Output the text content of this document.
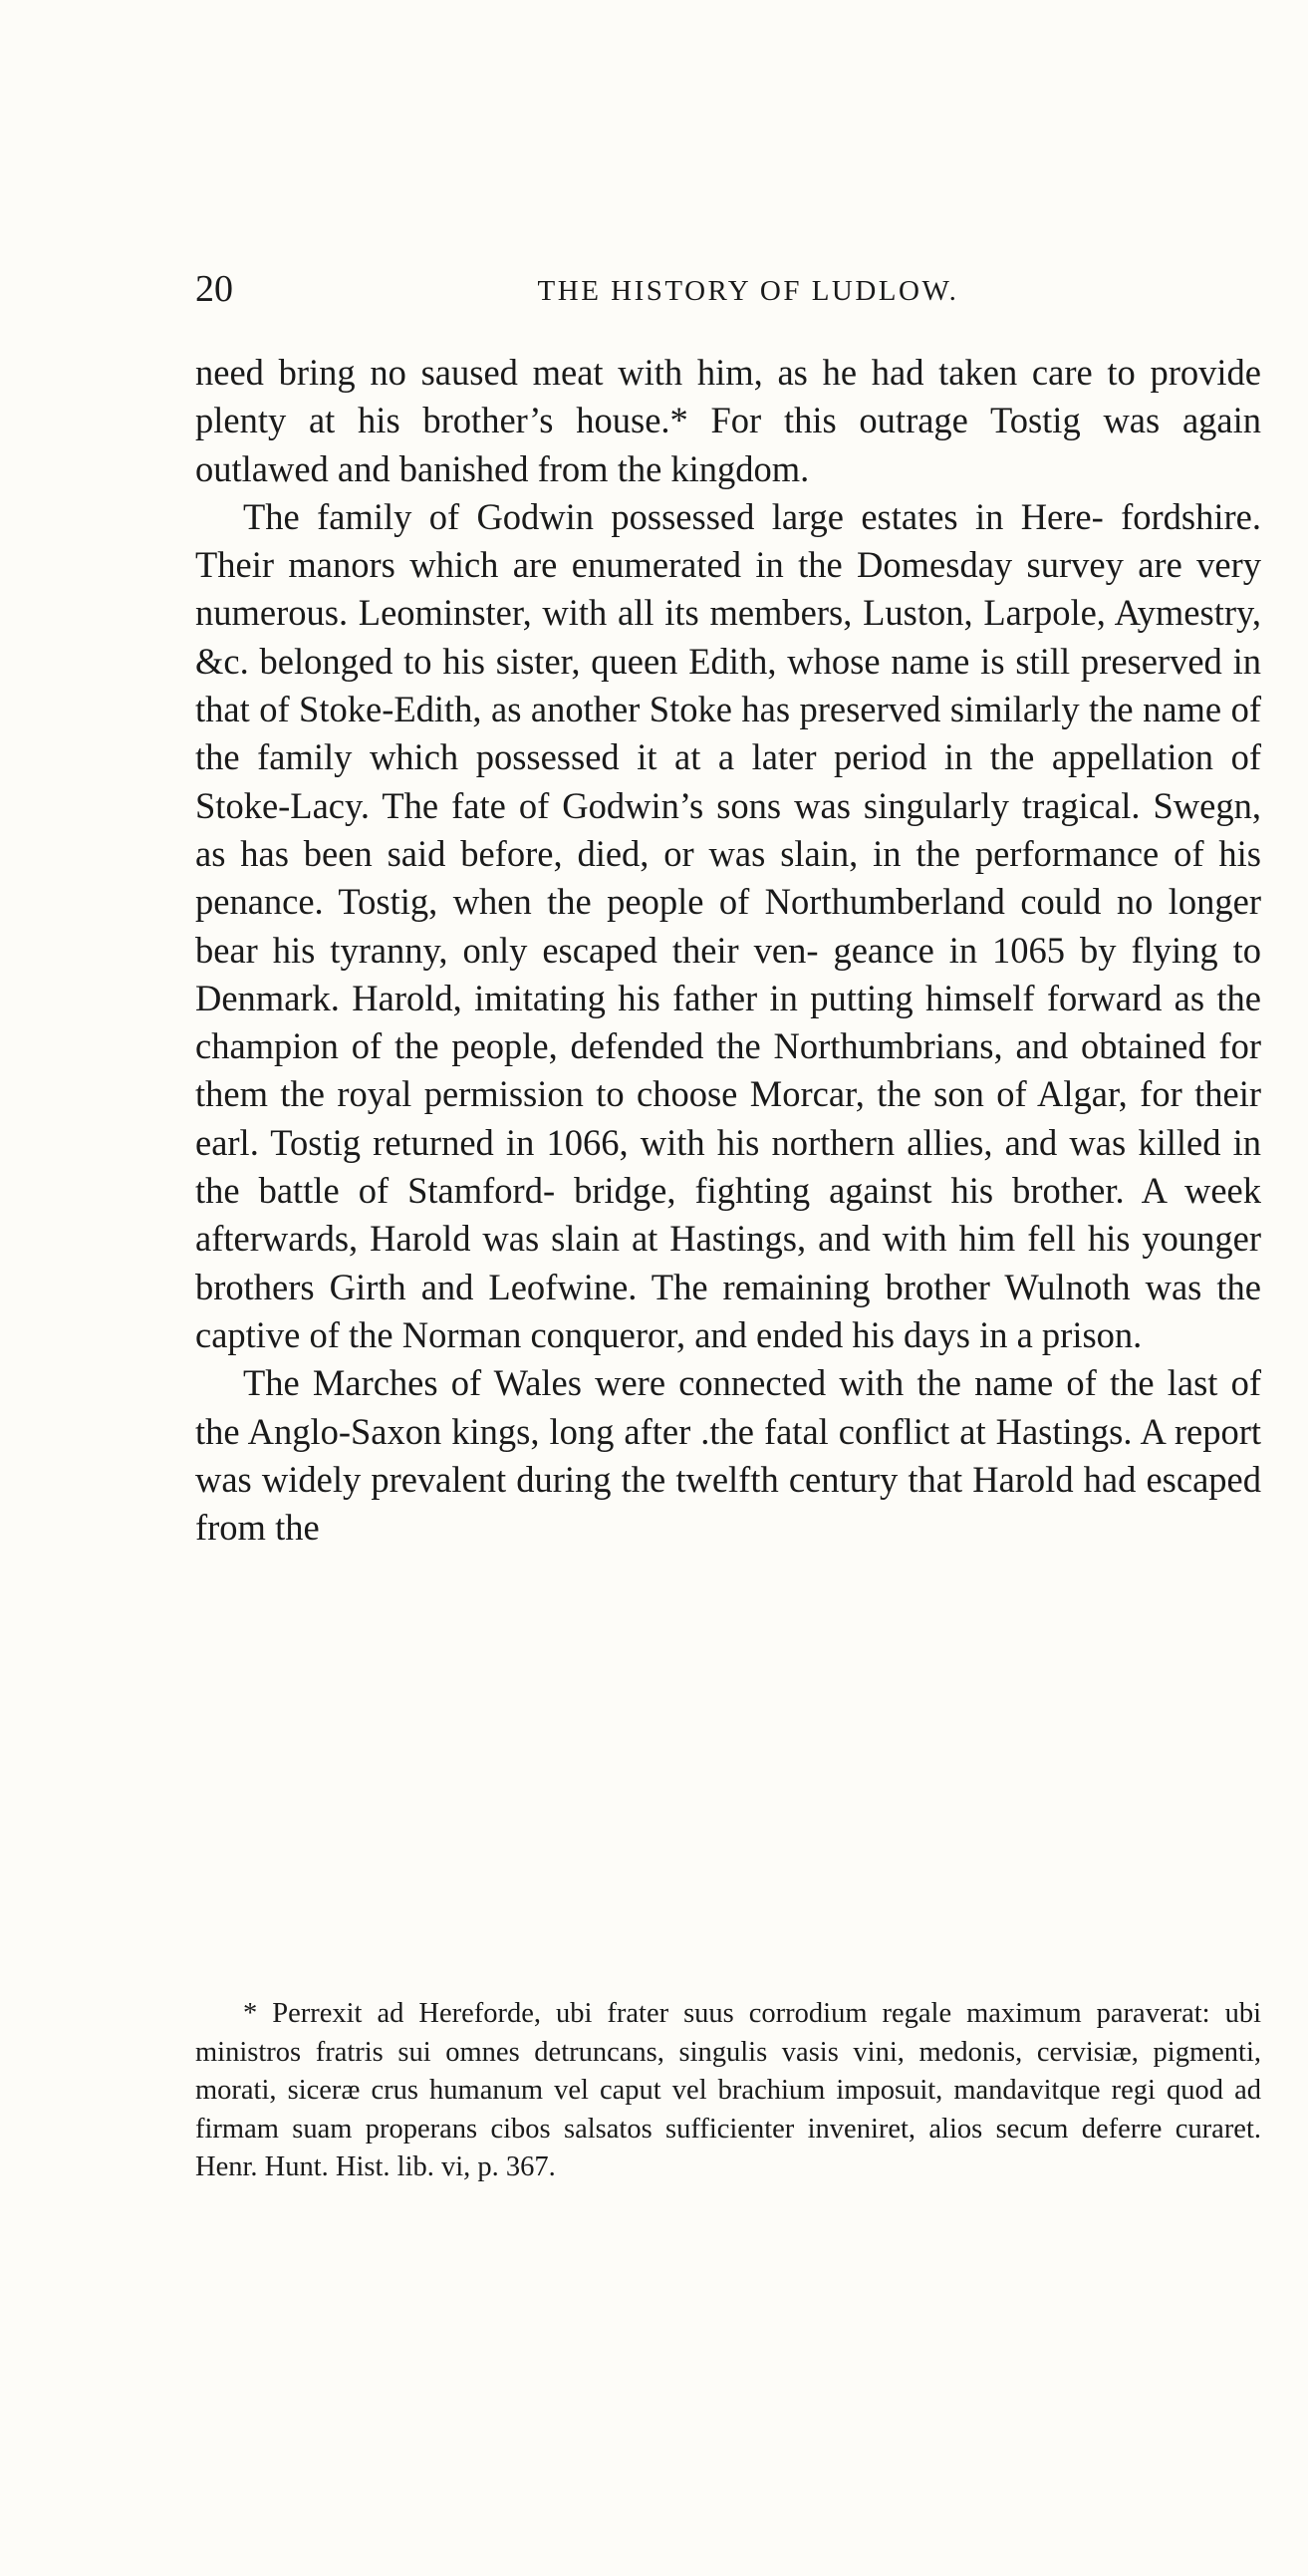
20	THE HISTORY OF LUDLOW.

need bring no saused meat with him, as he had taken care to provide plenty at his brother’s house.* For this outrage Tostig was again outlawed and banished from the kingdom.

The family of Godwin possessed large estates in Here- fordshire. Their manors which are enumerated in the Domesday survey are very numerous. Leominster, with all its members, Luston, Larpole, Aymestry, &c. belonged to his sister, queen Edith, whose name is still preserved in that of Stoke-Edith, as another Stoke has preserved similarly the name of the family which possessed it at a later period in the appellation of Stoke-Lacy. The fate of Godwin’s sons was singularly tragical. Swegn, as has been said before, died, or was slain, in the performance of his penance. Tostig, when the people of Northumberland could no longer bear his tyranny, only escaped their ven- geance in 1065 by flying to Denmark. Harold, imitating his father in putting himself forward as the champion of the people, defended the Northumbrians, and obtained for them the royal permission to choose Morcar, the son of Algar, for their earl. Tostig returned in 1066, with his northern allies, and was killed in the battle of Stamford- bridge, fighting against his brother. A week afterwards, Harold was slain at Hastings, and with him fell his younger brothers Girth and Leofwine. The remaining brother Wulnoth was the captive of the Norman conqueror, and ended his days in a prison.

The Marches of Wales were connected with the name of the last of the Anglo-Saxon kings, long after .the fatal conflict at Hastings. A report was widely prevalent during the twelfth century that Harold had escaped from the

* Perrexit ad Hereforde, ubi frater suus corrodium regale maximum paraverat: ubi ministros fratris sui omnes detruncans, singulis vasis vini, medonis, cervisiæ, pigmenti, morati, siceræ crus humanum vel caput vel brachium imposuit, mandavitque regi quod ad firmam suam properans cibos salsatos sufficienter inveniret, alios secum deferre curaret. Henr. Hunt. Hist. lib. vi, p. 367.
